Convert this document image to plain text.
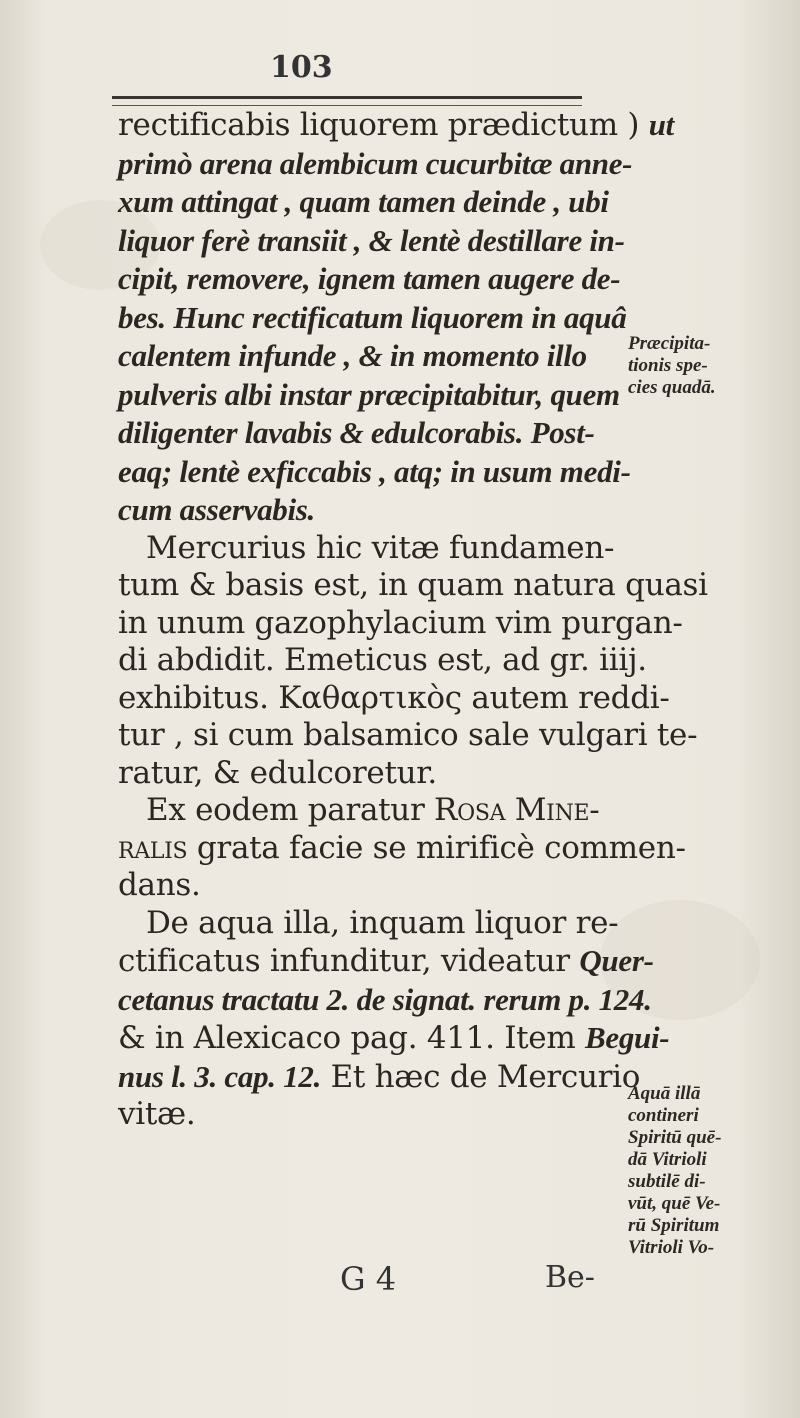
103
rectificabis liquorem prædictum ) ut
primò arena alembicum cucurbitæ anne-
xum attingat , quam tamen deinde , ubi
liquor ferè transiit , & lentè destillare in-
cipit, removere, ignem tamen augere de-
bes. Hunc rectificatum liquorem in aquâ
calentem infunde , & in momento illo
pulveris albi instar præcipitabitur, quem
diligenter lavabis & edulcorabis. Post-
eaq; lentè exficcabis , atq; in usum medi-
cum asservabis.
Mercurius hic vitæ fundamen-
tum & basis est, in quam natura quasi
in unum gazophylacium vim purgan-
di abdidit. Emeticus est, ad gr. iiij.
exhibitus. Καθαρτικὸς autem reddi-
tur , si cum balsamico sale vulgari te-
ratur, & edulcoretur.
Ex eodem paratur Rosa Mine-
ralis grata facie se mirificè commen-
dans.
De aqua illa, inquam liquor re-
ctificatus infunditur, videatur Quer-
cetanus tractatu 2. de signat. rerum p. 124.
& in Alexicaco pag. 411. Item Begui-
nus l. 3. cap. 12. Et hæc de Mercurio
vitæ.
Præcipita-
tionis spe-
cies quadā.
Aquā illā
contineri
Spiritū quē-
dā Vitrioli
subtilē di-
vūt, quē Ve-
rū Spiritum
Vitrioli Vo-
G 4	Be-
